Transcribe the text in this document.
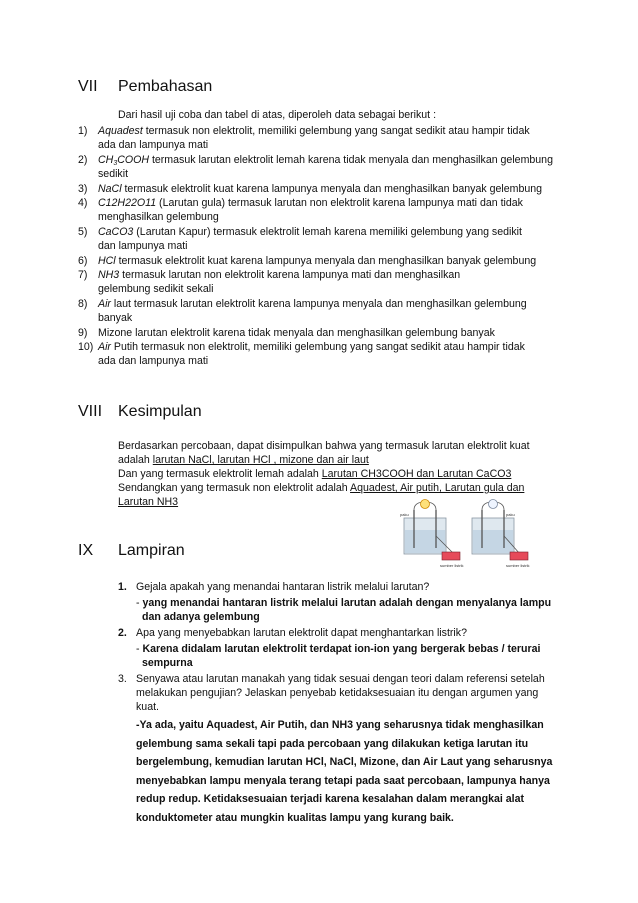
VII Pembahasan
Dari hasil uji coba dan tabel di atas, diperoleh data sebagai berikut :
1) Aquadest termasuk non elektrolit, memiliki gelembung yang sangat sedikit atau hampir tidak
ada dan lampunya mati
2) $CH_3COOH$ termasuk larutan elektrolit lemah karena tidak menyala dan menghasilkan gelembung
sedikit
3) NaCl termasuk elektrolit kuat karena lampunya menyala dan menghasilkan banyak gelembung
4) C12H22O11 (Larutan gula) termasuk larutan non elektrolit karena lampunya mati dan tidak
menghasilkan gelembung
5) CaCO3 (Larutan Kapur) termasuk elektrolit lemah karena memiliki gelembung yang sedikit
dan lampunya mati
6) HCl termasuk elektrolit kuat karena lampunya menyala dan menghasilkan banyak gelembung
7) NH3 termasuk larutan non elektrolit karena lampunya mati dan menghasilkan
gelembung sedikit sekali
8) Air laut termasuk larutan elektrolit karena lampunya menyala dan menghasilkan gelembung
banyak
9) Mizone larutan elektrolit karena tidak menyala dan menghasilkan gelembung banyak
10) Air Putih termasuk non elektrolit, memiliki gelembung yang sangat sedikit atau hampir tidak
ada dan lampunya mati
VIII Kesimpulan
Berdasarkan percobaan, dapat disimpulkan bahwa yang termasuk larutan elektrolit kuat
adalah larutan NaCl, larutan HCl , mizone dan air laut
Dan yang termasuk elektrolit lemah adalah Larutan CH3COOH dan Larutan CaCO3
Sendangkan yang termasuk non elektrolit adalah Aquadest, Air putih, Larutan gula dan
Larutan NH3
paku
sumber listrik
paku
sumber listrik
IX Lampiran
1. Gejala apakah yang menandai hantaran listrik melalui larutan?
- yang menandai hantaran listrik melalui larutan adalah dengan menyalanya lampu
dan adanya gelembung
2. Apa yang menyebabkan larutan elektrolit dapat menghantarkan listrik?
- Karena didalam larutan elektrolit terdapat ion-ion yang bergerak bebas / terurai
sempurna
3. Senyawa atau larutan manakah yang tidak sesuai dengan teori dalam referensi setelah
melakukan pengujian? Jelaskan penyebab ketidaksesuaian itu dengan argumen yang
kuat.
-Ya ada, yaitu Aquadest, Air Putih, dan NH3 yang seharusnya tidak menghasilkan
gelembung sama sekali tapi pada percobaan yang dilakukan ketiga larutan itu
bergelembung, kemudian larutan HCl, NaCl, Mizone, dan Air Laut yang seharusnya
menyebabkan lampu menyala terang tetapi pada saat percobaan, lampunya hanya
redup redup. Ketidaksesuaian terjadi karena kesalahan dalam merangkai alat
konduktometer atau mungkin kualitas lampu yang kurang baik.
